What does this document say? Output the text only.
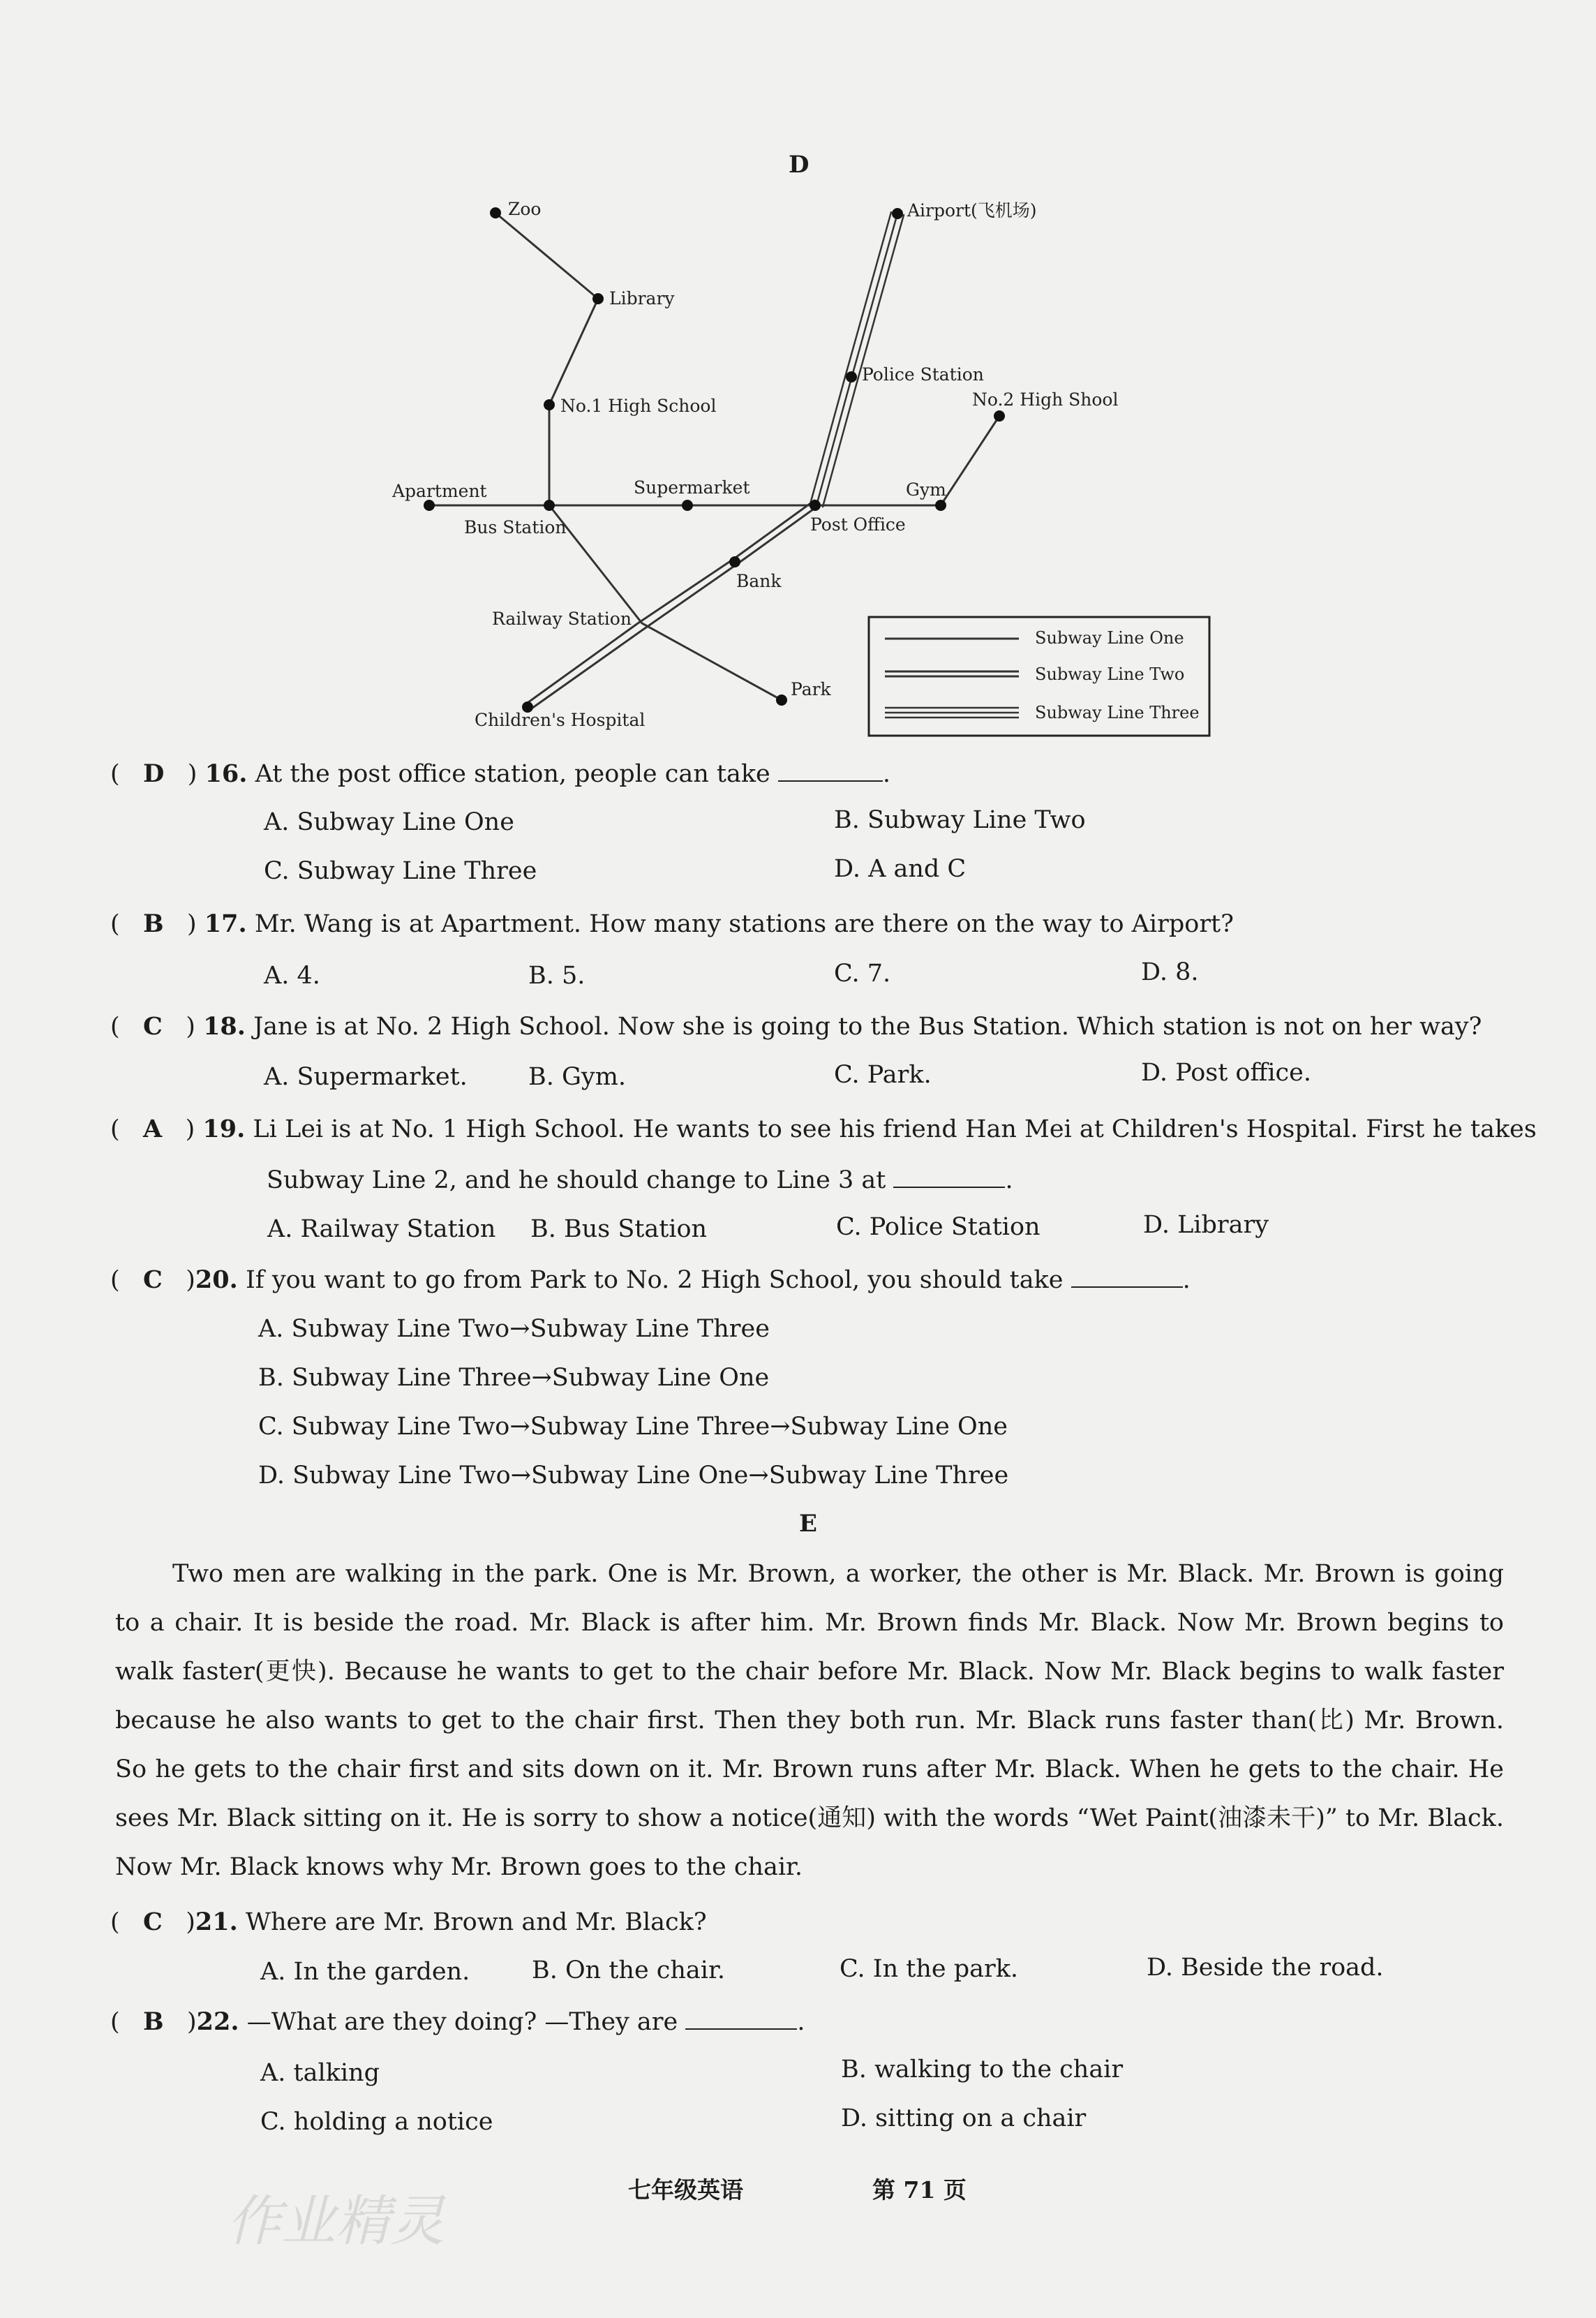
D
Zoo
Library
No.1 High School
Apartment
Bus Station
Supermarket
Post Office
Gym
No.2 High Shool
Airport(飞机场)
Police Station
Bank
Railway Station
Children's Hospital
Park
Subway Line One
Subway Line Two
Subway Line Three
(   D   ) 16. At the post office station, people can take	.
A. Subway Line One	B. Subway Line Two
C. Subway Line Three	D. A and C
(   B   ) 17. Mr. Wang is at Apartment. How many stations are there on the way to Airport?
A. 4.	B. 5.	C. 7.	D. 8.
(   C   ) 18. Jane is at No. 2 High School. Now she is going to the Bus Station. Which station is not on her way?
A. Supermarket. B. Gym.	C. Park.	D. Post office.
(   A   ) 19. Li Lei is at No. 1 High School. He wants to see his friend Han Mei at Children's Hospital. First he takes
Subway Line 2, and he should change to Line 3 at	.
A. Railway Station B. Bus Station	C. Police Station	D. Library
(   C   )20. If you want to go from Park to No. 2 High School, you should take	.
A. Subway Line Two→Subway Line Three
B. Subway Line Three→Subway Line One
C. Subway Line Two→Subway Line Three→Subway Line One
D. Subway Line Two→Subway Line One→Subway Line Three
E
Two men are walking in the park. One is Mr. Brown, a worker, the other is Mr. Black. Mr. Brown is going to a chair. It is beside the road. Mr. Black is after him. Mr. Brown finds Mr. Black. Now Mr. Brown begins to walk faster(更快). Because he wants to get to the chair before Mr. Black. Now Mr. Black begins to walk faster because he also wants to get to the chair first. Then they both run. Mr. Black runs faster than(比) Mr. Brown. So he gets to the chair first and sits down on it. Mr. Brown runs after Mr. Black. When he gets to the chair. He sees Mr. Black sitting on it. He is sorry to show a notice(通知) with the words “Wet Paint(油漆未干)” to Mr. Black. Now Mr. Black knows why Mr. Brown goes to the chair.
(   C   )21. Where are Mr. Brown and Mr. Black?
A. In the garden.	B. On the chair.	C. In the park.	D. Beside the road.
(   B   )22. —What are they doing? —They are	.
A. talking	B. walking to the chair
C. holding a notice	D. sitting on a chair
七年级英语	第 71 页
作业精灵
